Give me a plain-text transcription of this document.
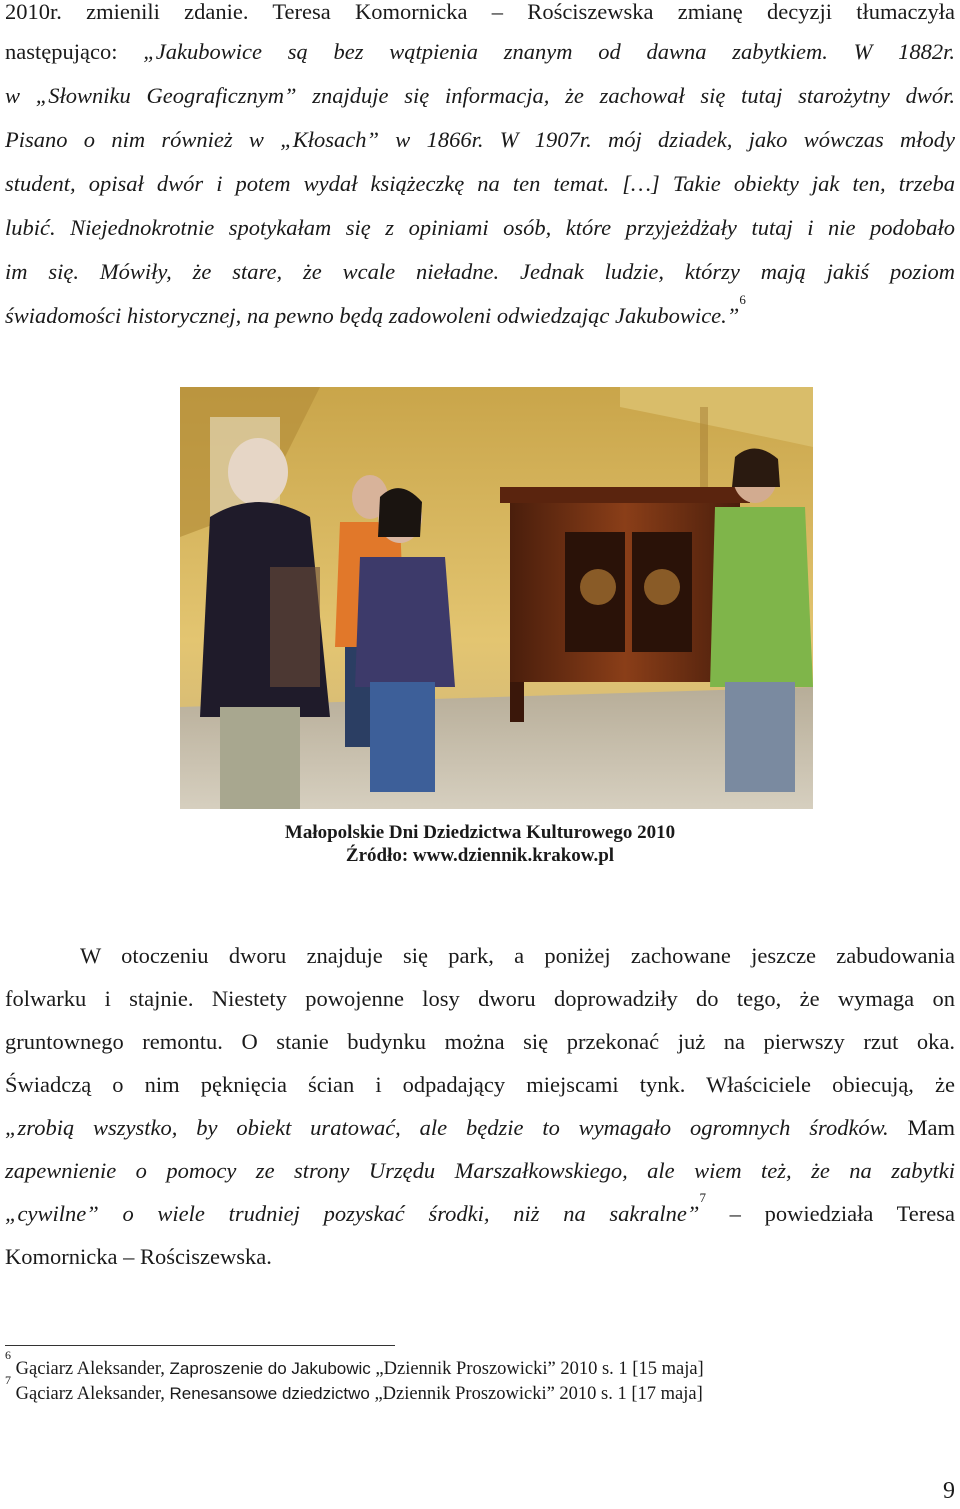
2010r. zmienili zdanie. Teresa Komornicka – Rościszewska zmianę decyzji tłumaczyła
następująco: „Jakubowice są bez wątpienia znanym od dawna zabytkiem. W 1882r.
w „Słowniku Geograficznym” znajduje się informacja, że zachował się tutaj starożytny dwór.
Pisano o nim również w „Kłosach” w 1866r. W 1907r. mój dziadek, jako wówczas młody
student, opisał dwór i potem wydał książeczkę na ten temat. […] Takie obiekty jak ten, trzeba
lubić. Niejednokrotnie spotykałam się z opiniami osób, które przyjeżdżały tutaj i nie podobało
im się. Mówiły, że stare, że wcale nieładne. Jednak ludzie, którzy mają jakiś poziom
świadomości historycznej, na pewno będą zadowoleni odwiedzając Jakubowice.”$^6$
Małopolskie Dni Dziedzictwa Kulturowego 2010
Źródło: www.dziennik.krakow.pl
W otoczeniu dworu znajduje się park, a poniżej zachowane jeszcze zabudowania
folwarku i stajnie. Niestety powojenne losy dworu doprowadziły do tego, że wymaga on
gruntownego remontu. O stanie budynku można się przekonać już na pierwszy rzut oka.
Świadczą o nim pęknięcia ścian i odpadający miejscami tynk. Właściciele obiecują, że
„zrobią wszystko, by obiekt uratować, ale będzie to wymagało ogromnych środków. Mam
zapewnienie o pomocy ze strony Urzędu Marszałkowskiego, ale wiem też, że na zabytki
„cywilne” o wiele trudniej pozyskać środki, niż na sakralne”$^7$ – powiedziała Teresa
Komornicka – Rościszewska.
$^6$ Gąciarz Aleksander, Zaproszenie do Jakubowic „Dziennik Proszowicki” 2010 s. 1 [15 maja]
$^7$ Gąciarz Aleksander, Renesansowe dziedzictwo „Dziennik Proszowicki” 2010 s. 1 [17 maja]
9
